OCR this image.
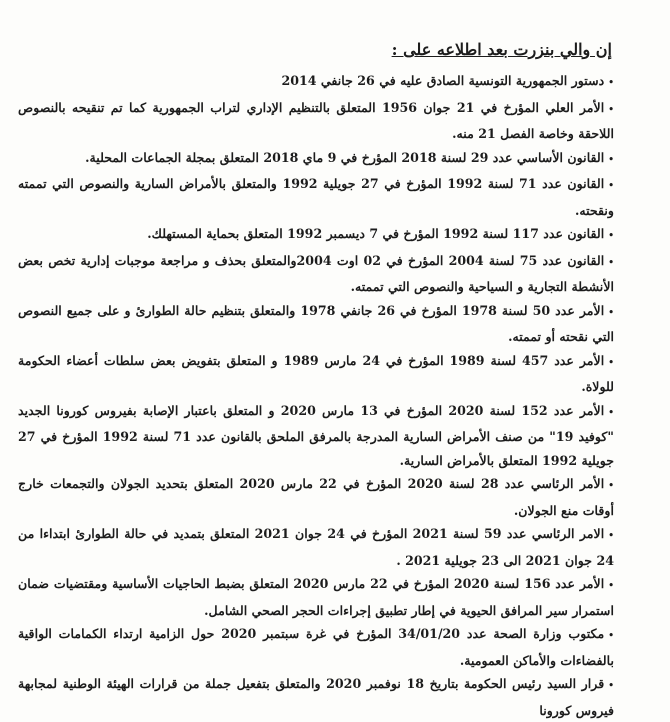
إن والي بنزرت بعد اطلاعه على :
•دستور الجمهورية التونسية الصادق عليه في 26 جانفي 2014
•الأمر العلي المؤرخ في 21 جوان 1956 المتعلق بالتنظيم الإداري لتراب الجمهورية كما تم تنقيحه بالنصوص اللاحقة وخاصة الفصل 21 منه.
•القانون الأساسي عدد 29 لسنة 2018 المؤرخ في 9 ماي 2018 المتعلق بمجلة الجماعات المحلية.
•القانون عدد 71 لسنة 1992 المؤرخ في 27 جويلية 1992 والمتعلق بالأمراض السارية والنصوص التي تممته ونقحته.
•القانون عدد 117 لسنة 1992 المؤرخ في 7 ديسمبر 1992 المتعلق بحماية المستهلك.
•القانون عدد 75 لسنة 2004 المؤرخ في 02 اوت 2004والمتعلق بحذف و مراجعة موجبات إدارية تخص بعض الأنشطة التجارية و السياحية والنصوص التي تممته.
•الأمر عدد 50 لسنة 1978 المؤرخ في 26 جانفي 1978 والمتعلق بتنظيم حالة الطوارئ و على جميع النصوص التي نقحته أو تممته.
•الأمر عدد 457 لسنة 1989 المؤرخ في 24 مارس 1989 و المتعلق بتفويض بعض سلطات أعضاء الحكومة للولاة.
•الأمر عدد 152 لسنة 2020 المؤرخ في 13 مارس 2020 و المتعلق باعتبار الإصابة بفيروس كورونا الجديد "كوفيد 19" من صنف الأمراض السارية المدرجة بالمرفق الملحق بالقانون عدد 71 لسنة 1992 المؤرخ في 27 جويلية 1992 المتعلق بالأمراض السارية.
•الأمر الرئاسي عدد 28 لسنة 2020 المؤرخ في 22 مارس 2020 المتعلق بتحديد الجولان والتجمعات خارج أوقات منع الجولان.
•الامر الرئاسي عدد 59 لسنة 2021 المؤرخ في 24 جوان 2021 المتعلق بتمديد في حالة الطوارئ ابتداءا من 24 جوان 2021 الى 23 جويلية 2021 .
•الأمر عدد 156 لسنة 2020 المؤرخ في 22 مارس 2020 المتعلق بضبط الحاجيات الأساسية ومقتضيات ضمان استمرار سير المرافق الحيوية في إطار تطبيق إجراءات الحجر الصحي الشامل.
•مكتوب وزارة الصحة عدد 34/01/20 المؤرخ في غرة سبتمبر 2020 حول الزامية ارتداء الكمامات الواقية بالفضاءات والأماكن العمومية.
•قرار السيد رئيس الحكومة بتاريخ 18 نوفمبر 2020 والمتعلق بتفعيل جملة من قرارات الهيئة الوطنية لمجابهة فيروس كورونا
